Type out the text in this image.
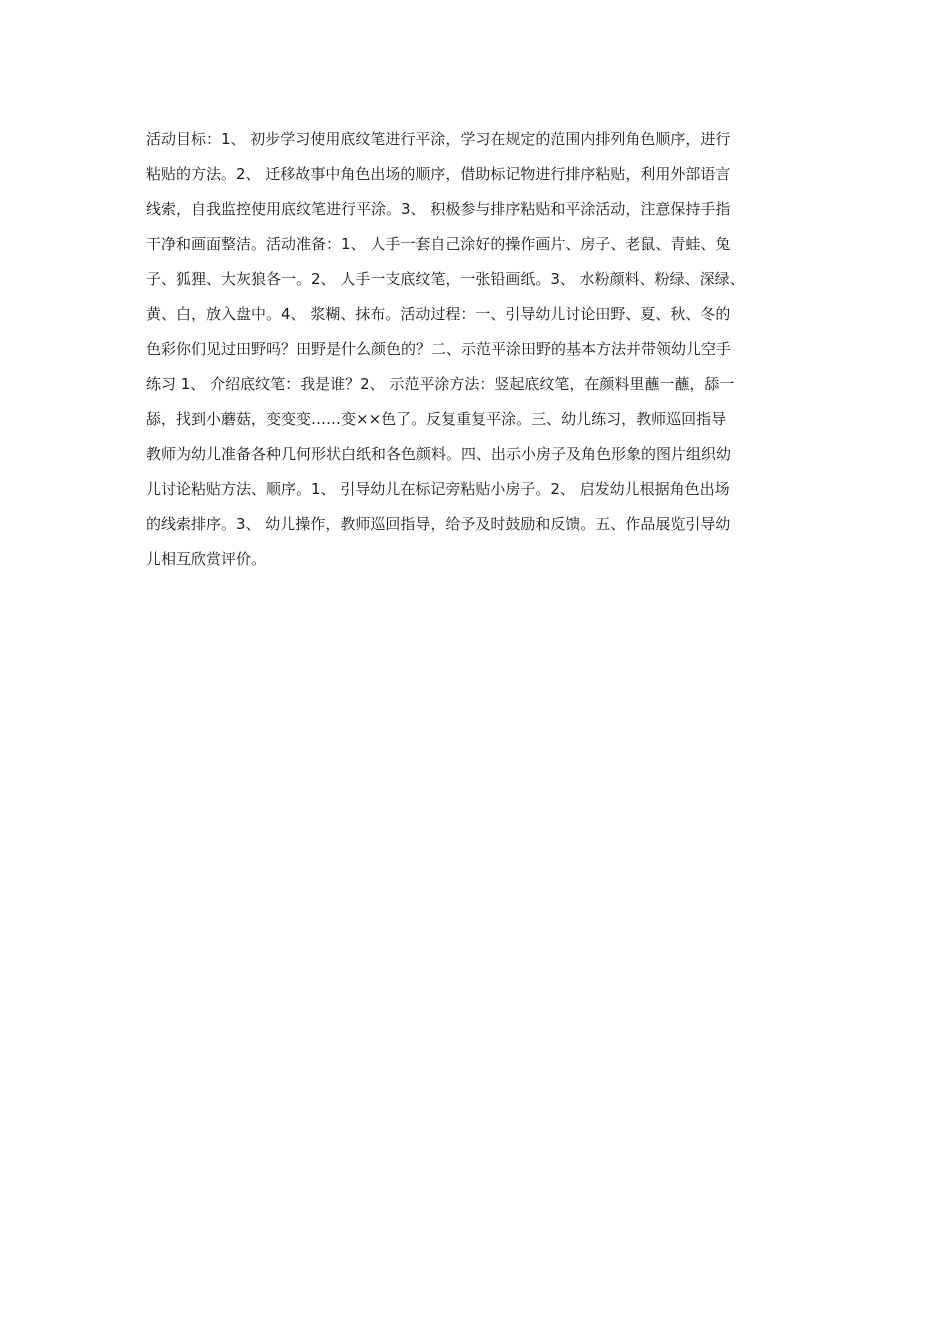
活动目标：1、 初步学习使用底纹笔进行平涂，学习在规定的范围内排列角色顺序，进行
粘贴的方法。2、 迁移故事中角色出场的顺序，借助标记物进行排序粘贴，利用外部语言
线索，自我监控使用底纹笔进行平涂。3、 积极参与排序粘贴和平涂活动，注意保持手指
干净和画面整洁。活动准备：1、 人手一套自己涂好的操作画片、房子、老鼠、青蛙、兔
子、狐狸、大灰狼各一。2、 人手一支底纹笔，一张铅画纸。3、 水粉颜料、粉绿、深绿、
黄、白，放入盘中。4、 浆糊、抹布。活动过程：一、引导幼儿讨论田野、夏、秋、冬的
色彩你们见过田野吗？田野是什么颜色的？二、示范平涂田野的基本方法并带领幼儿空手
练习 1、 介绍底纹笔：我是谁？2、 示范平涂方法：竖起底纹笔，在颜料里蘸一蘸，舔一
舔，找到小蘑菇，变变变……变××色了。反复重复平涂。三、幼儿练习，教师巡回指导
教师为幼儿准备各种几何形状白纸和各色颜料。四、出示小房子及角色形象的图片组织幼
儿讨论粘贴方法、顺序。1、 引导幼儿在标记旁粘贴小房子。2、 启发幼儿根据角色出场
的线索排序。3、 幼儿操作，教师巡回指导，给予及时鼓励和反馈。五、作品展览引导幼
儿相互欣赏评价。
